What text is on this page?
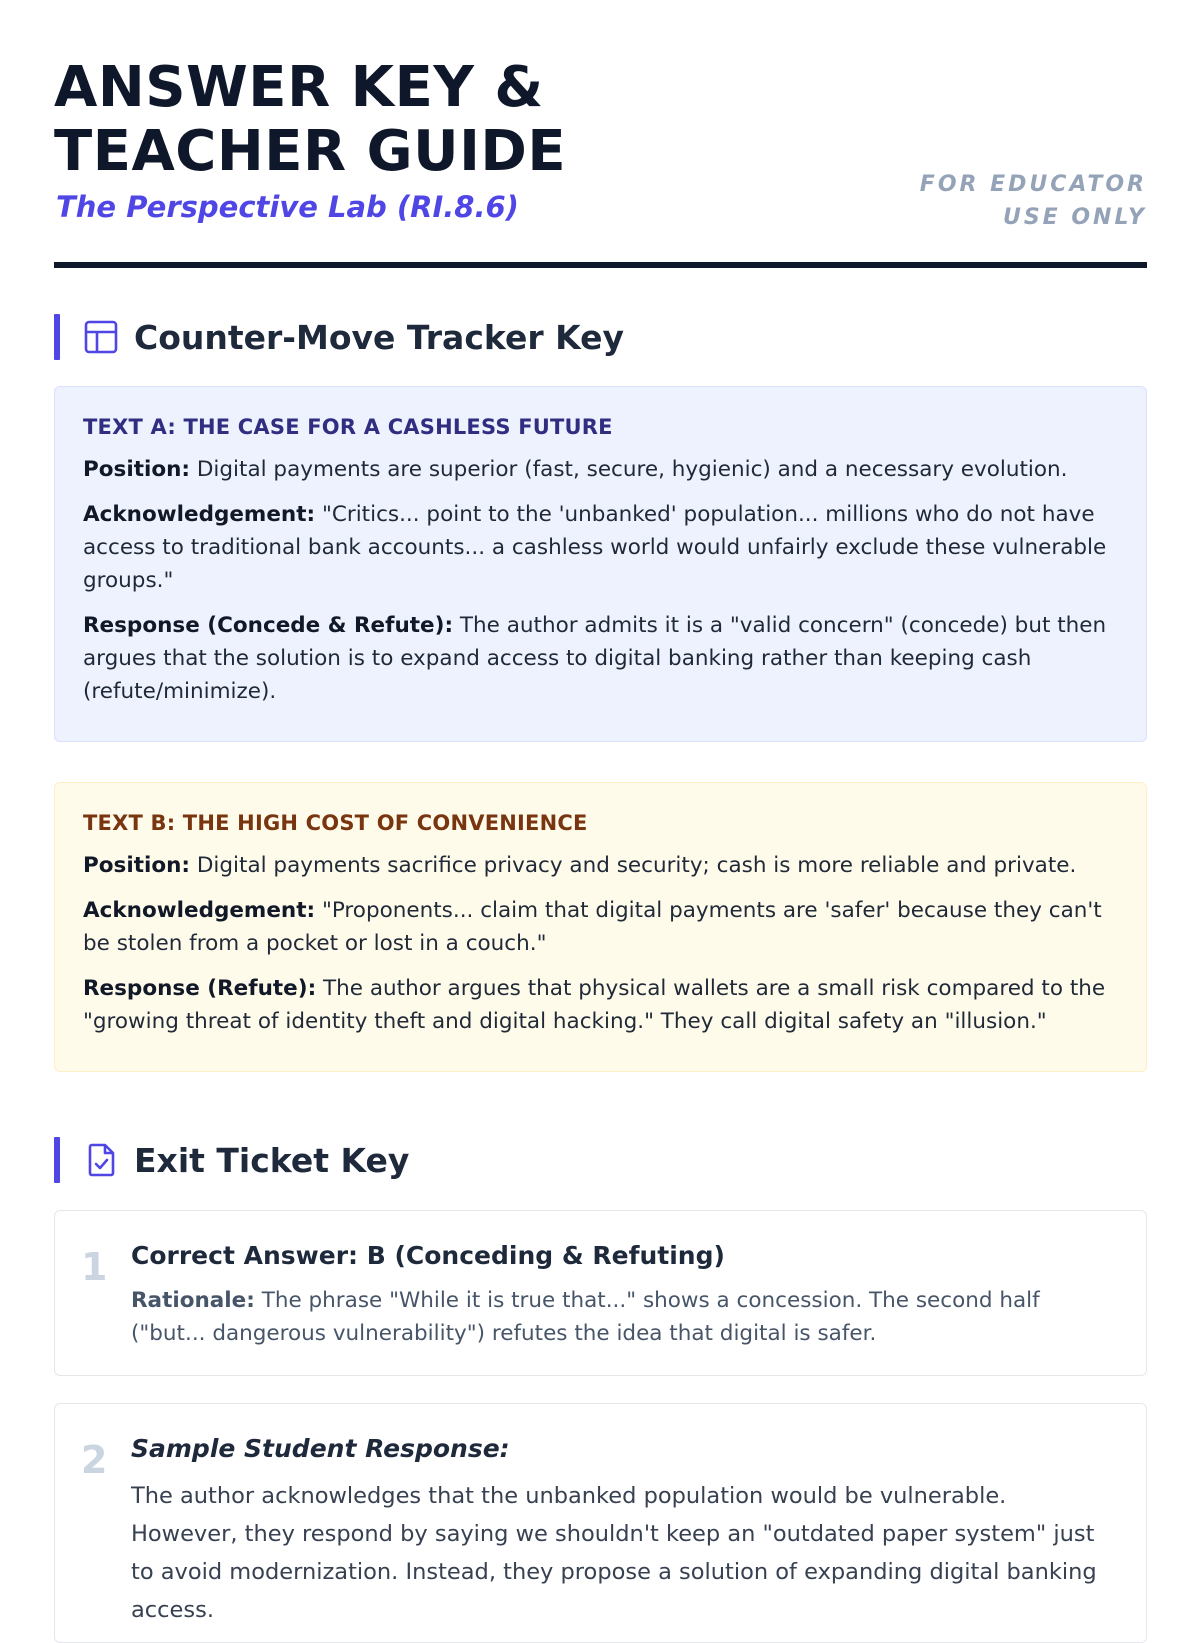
ANSWER KEY &
TEACHER GUIDE
The Perspective Lab (RI.8.6)
FOR EDUCATOR USE ONLY
Counter-Move Tracker Key
TEXT A: THE CASE FOR A CASHLESS FUTURE

Position: Digital payments are superior (fast, secure, hygienic) and a necessary evolution.

Acknowledgement: "Critics... point to the 'unbanked' population... millions who do not have access to traditional bank accounts... a cashless world would unfairly exclude these vulnerable groups."

Response (Concede & Refute): The author admits it is a "valid concern" (concede) but then argues that the solution is to expand access to digital banking rather than keeping cash (refute/minimize).

TEXT B: THE HIGH COST OF CONVENIENCE

Position: Digital payments sacrifice privacy and security; cash is more reliable and private.

Acknowledgement: "Proponents... claim that digital payments are 'safer' because they can't be stolen from a pocket or lost in a couch."

Response (Refute): The author argues that physical wallets are a small risk compared to the "growing threat of identity theft and digital hacking." They call digital safety an "illusion."

Exit Ticket Key
1 Correct Answer: B (Conceding & Refuting)

Rationale: The phrase "While it is true that..." shows a concession. The second half ("but... dangerous vulnerability") refutes the idea that digital is safer.

2 Sample Student Response:

The author acknowledges that the unbanked population would be vulnerable. However, they respond by saying we shouldn't keep an "outdated paper system" just to avoid modernization. Instead, they propose a solution of expanding digital banking access.
